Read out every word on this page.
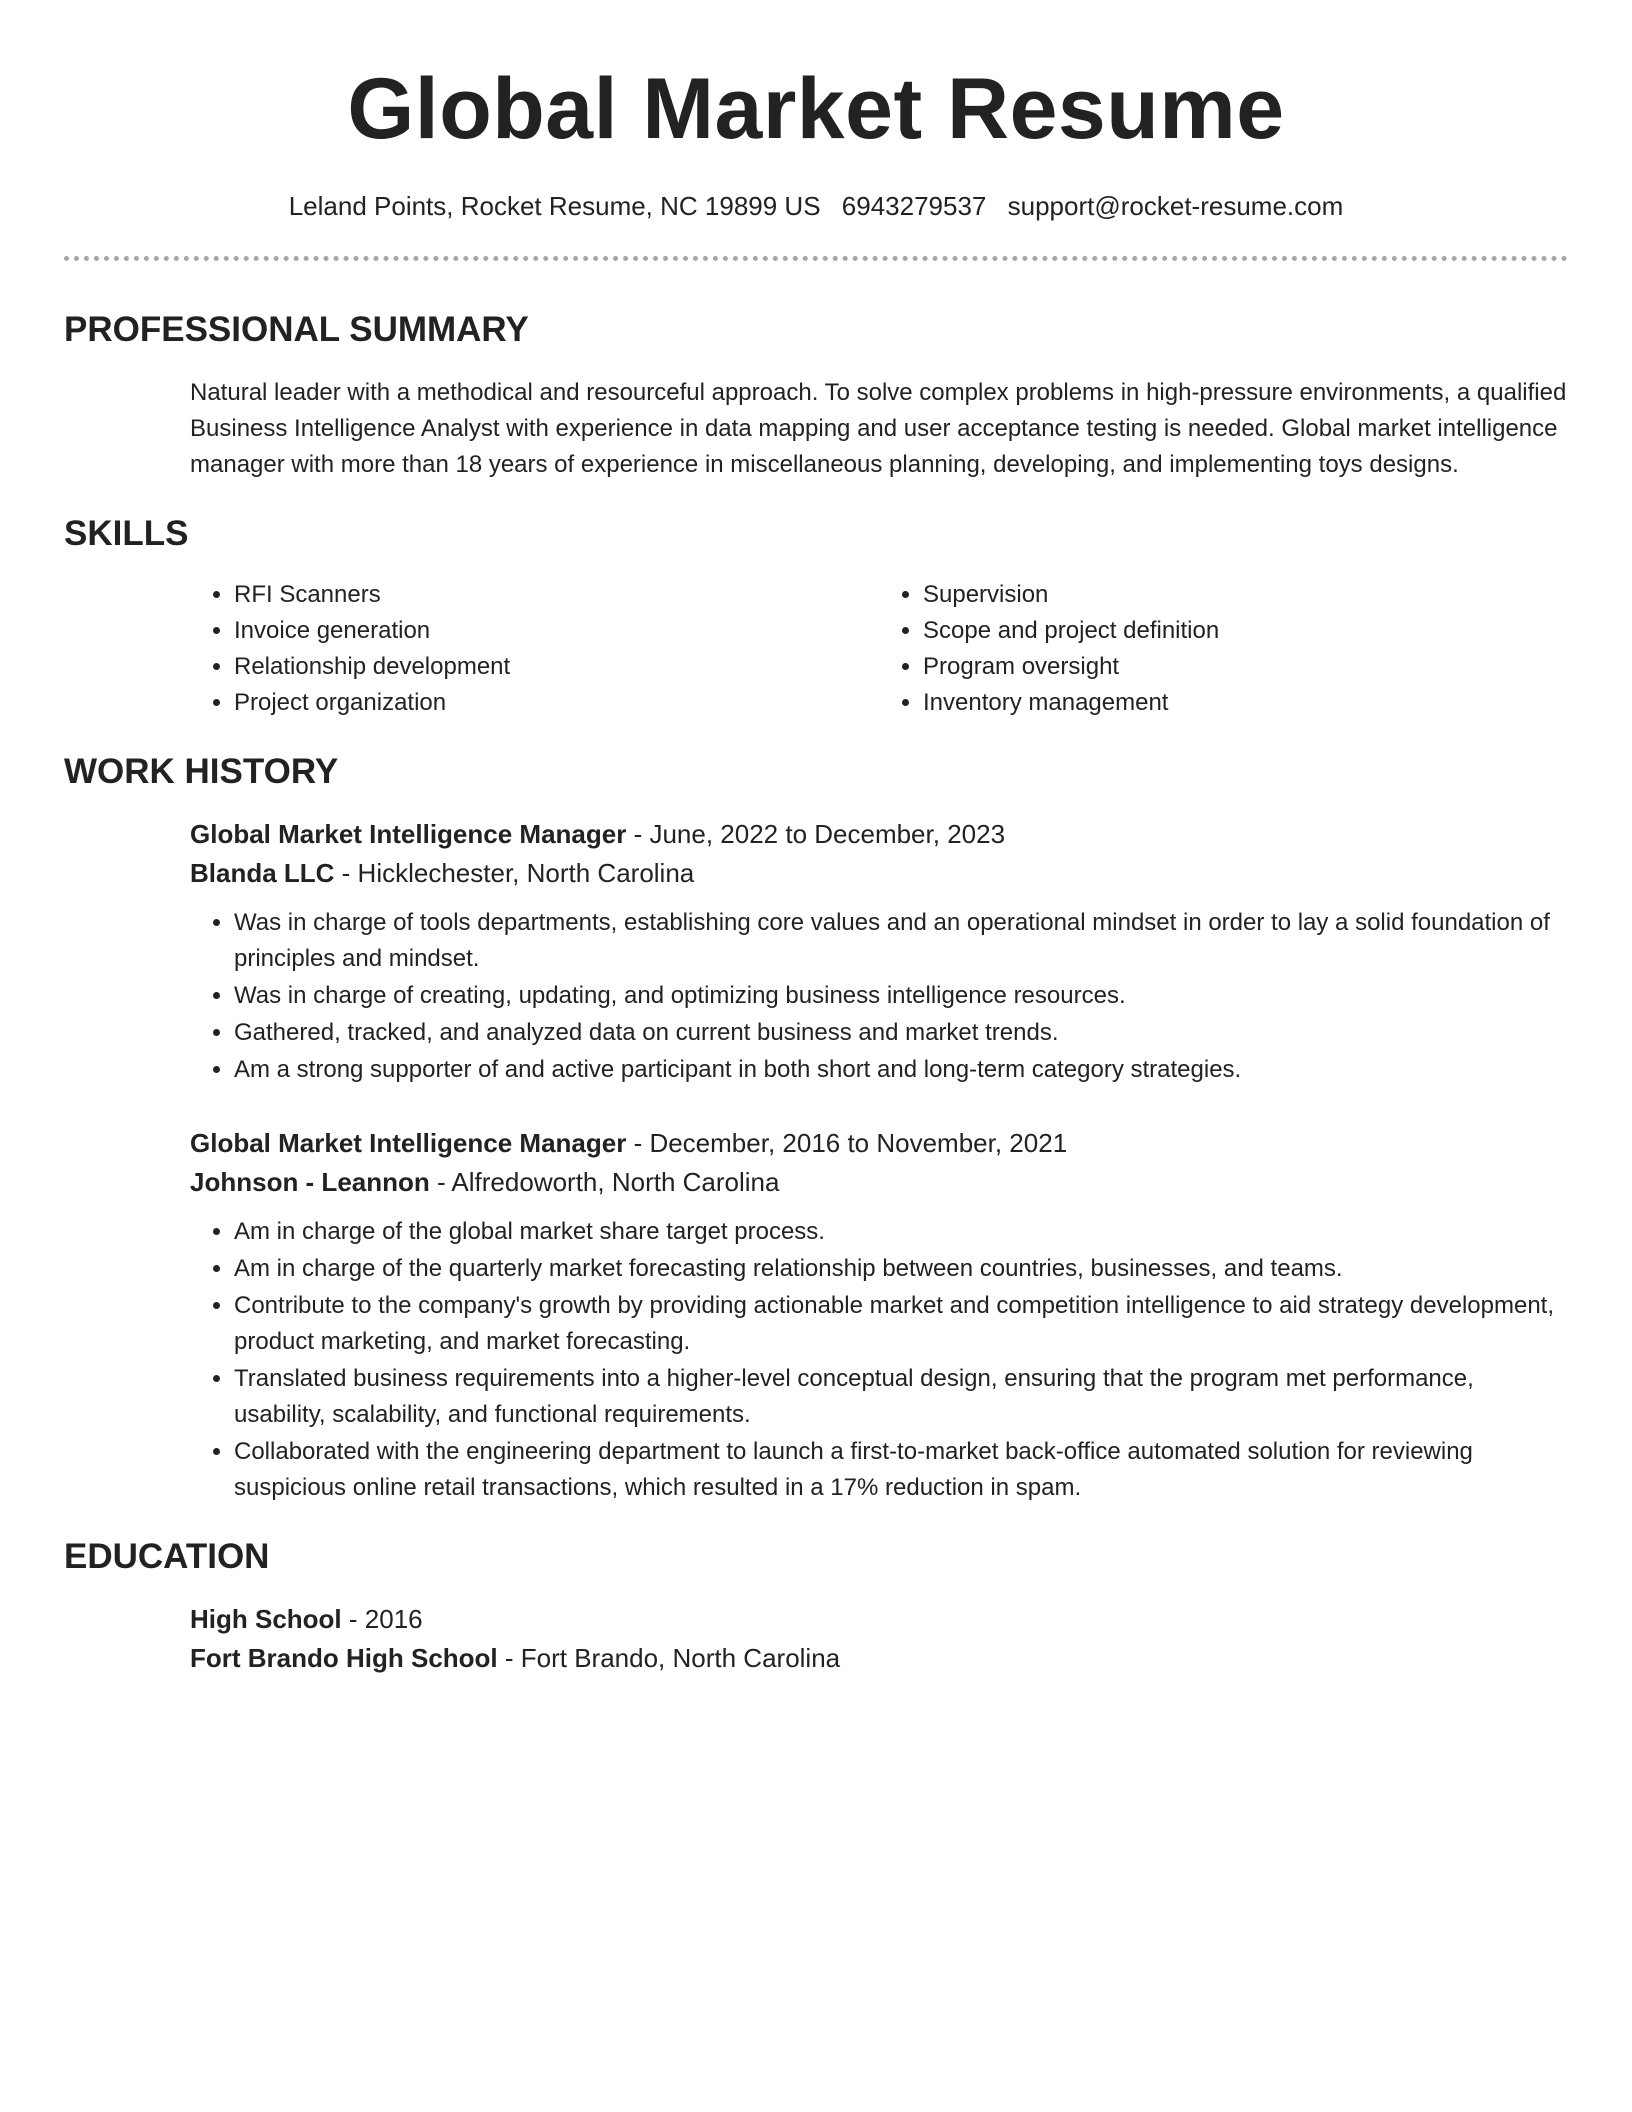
Global Market Resume
Leland Points, Rocket Resume, NC 19899 US 6943279537 support@rocket-resume.com
PROFESSIONAL SUMMARY

Natural leader with a methodical and resourceful approach. To solve complex problems in high-pressure environments, a qualified Business Intelligence Analyst with experience in data mapping and user acceptance testing is needed. Global market intelligence manager with more than 18 years of experience in miscellaneous planning, developing, and implementing toys designs.

SKILLS
• RFI Scanners
• Invoice generation
• Relationship development
• Project organization
• Supervision
• Scope and project definition
• Program oversight
• Inventory management
WORK HISTORY
Global Market Intelligence Manager - June, 2022 to December, 2023
Blanda LLC - Hicklechester, North Carolina
• Was in charge of tools departments, establishing core values and an operational mindset in order to lay a solid foundation of principles and mindset.
• Was in charge of creating, updating, and optimizing business intelligence resources.
• Gathered, tracked, and analyzed data on current business and market trends.
• Am a strong supporter of and active participant in both short and long-term category strategies.
Global Market Intelligence Manager - December, 2016 to November, 2021
Johnson - Leannon - Alfredoworth, North Carolina
• Am in charge of the global market share target process.
• Am in charge of the quarterly market forecasting relationship between countries, businesses, and teams.
• Contribute to the company's growth by providing actionable market and competition intelligence to aid strategy development, product marketing, and market forecasting.
• Translated business requirements into a higher-level conceptual design, ensuring that the program met performance, usability, scalability, and functional requirements.
• Collaborated with the engineering department to launch a first-to-market back-office automated solution for reviewing suspicious online retail transactions, which resulted in a 17% reduction in spam.
EDUCATION
High School - 2016
Fort Brando High School - Fort Brando, North Carolina
